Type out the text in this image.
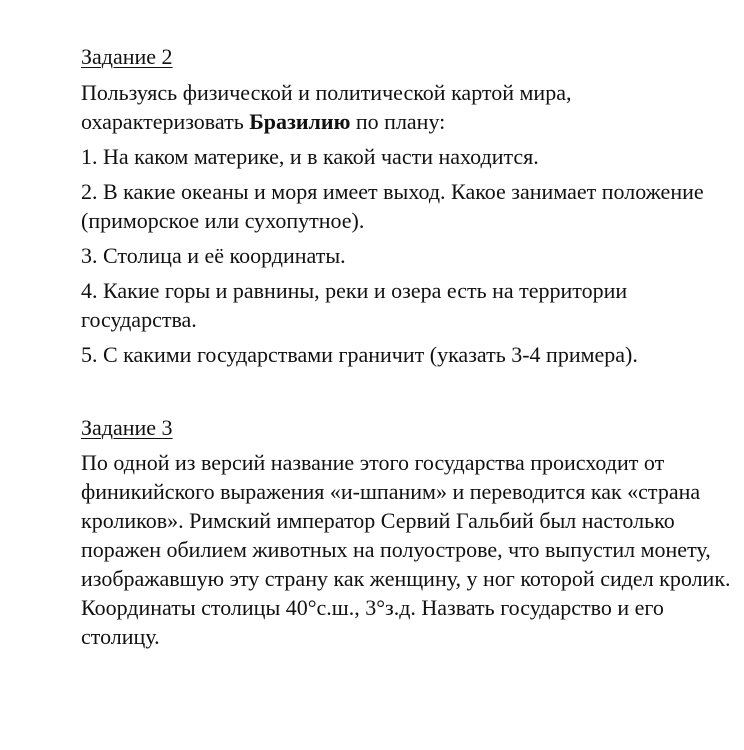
Задание 2

Пользуясь физической и политической картой мира, охарактеризовать Бразилию по плану:

1. На каком материке, и в какой части находится.

2. В какие океаны и моря имеет выход. Какое занимает положение (приморское или сухопутное).

3. Столица и её координаты.

4. Какие горы и равнины, реки и озера есть на территории государства.

5. С какими государствами граничит (указать 3-4 примера).

Задание 3

По одной из версий название этого государства происходит от финикийского выражения «и-шпаним» и переводится как «страна кроликов». Римский император Сервий Гальбий был настолько поражен обилием животных на полуострове, что выпустил монету, изображавшую эту страну как женщину, у ног которой сидел кролик. Координаты столицы 40°с.ш., 3°з.д. Назвать государство и его столицу.
